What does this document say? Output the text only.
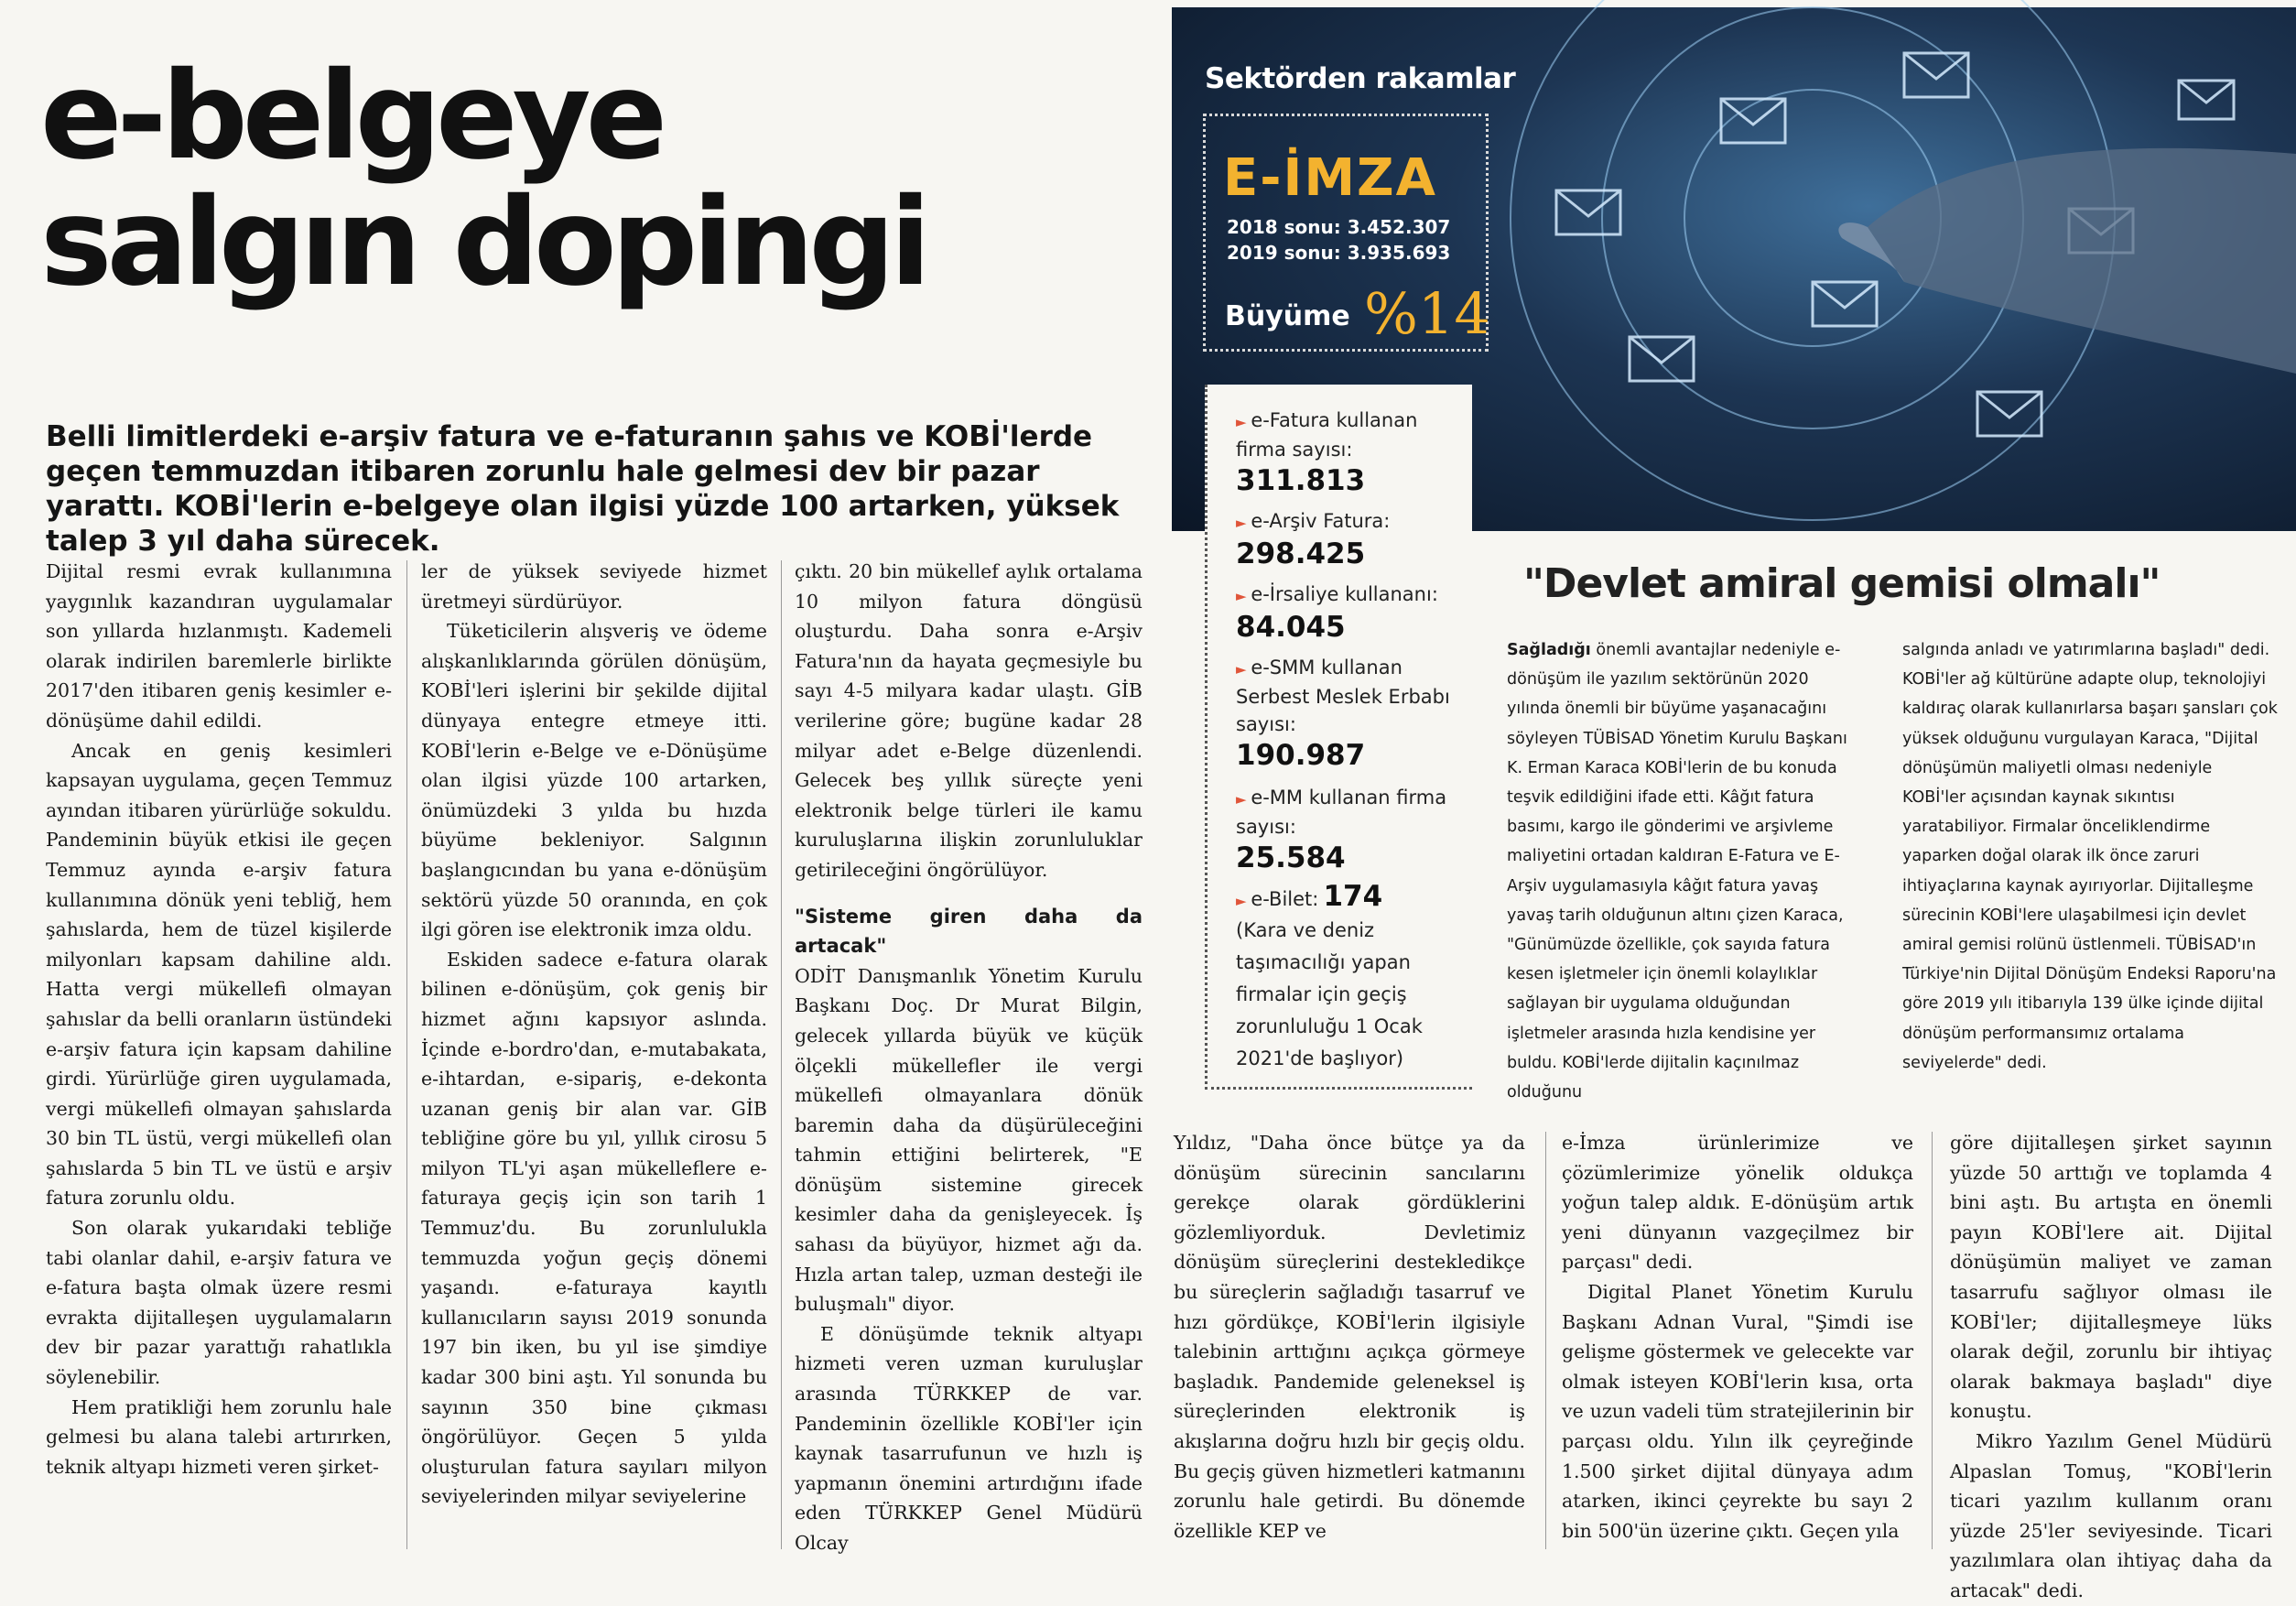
e-belgeye
salgın dopingi

Belli limitlerdeki e-arşiv fatura ve e-faturanın şahıs ve KOBİ'lerde geçen temmuzdan itibaren zorunlu hale gelmesi dev bir pazar yarattı. KOBİ'lerin e-belgeye olan ilgisi yüzde 100 artarken, yüksek talep 3 yıl daha sürecek.

Dijital resmi evrak kullanımına yaygınlık kazandıran uygulamalar son yıllarda hızlanmıştı. Kademeli olarak indirilen baremlerle birlikte 2017'den itibaren geniş kesimler e-dönüşüme dahil edildi.

Ancak en geniş kesimleri kapsayan uygulama, geçen Temmuz ayından itibaren yürürlüğe sokuldu. Pandeminin büyük etkisi ile geçen Temmuz ayında e-arşiv fatura kullanımına dönük yeni tebliğ, hem şahıslarda, hem de tüzel kişilerde milyonları kapsam dahiline aldı. Hatta vergi mükellefi olmayan şahıslar da belli oranların üstündeki e-arşiv fatura için kapsam dahiline girdi. Yürürlüğe giren uygulamada, vergi mükellefi olmayan şahıslarda 30 bin TL üstü, vergi mükellefi olan şahıslarda 5 bin TL ve üstü e arşiv fatura zorunlu oldu.

Son olarak yukarıdaki tebliğe tabi olanlar dahil, e-arşiv fatura ve e-fatura başta olmak üzere resmi evrakta dijitalleşen uygulamaların dev bir pazar yarattığı rahatlıkla söylenebilir.

Hem pratikliği hem zorunlu hale gelmesi bu alana talebi artırırken, teknik altyapı hizmeti veren şirket-

ler de yüksek seviyede hizmet üretmeyi sürdürüyor.

Tüketicilerin alışveriş ve ödeme alışkanlıklarında görülen dönüşüm, KOBİ'leri işlerini bir şekilde dijital dünyaya entegre etmeye itti. KOBİ'lerin e-Belge ve e-Dönüşüme olan ilgisi yüzde 100 artarken, önümüzdeki 3 yılda bu hızda büyüme bekleniyor. Salgının başlangıcından bu yana e-dönüşüm sektörü yüzde 50 oranında, en çok ilgi gören ise elektronik imza oldu.

Eskiden sadece e-fatura olarak bilinen e-dönüşüm, çok geniş bir hizmet ağını kapsıyor aslında. İçinde e-bordro'dan, e-mutabakata, e-ihtardan, e-sipariş, e-dekonta uzanan geniş bir alan var. GİB tebliğine göre bu yıl, yıllık cirosu 5 milyon TL'yi aşan mükelleflere e-faturaya geçiş için son tarih 1 Temmuz'du. Bu zorunlulukla temmuzda yoğun geçiş dönemi yaşandı. e-faturaya kayıtlı kullanıcıların sayısı 2019 sonunda 197 bin iken, bu yıl ise şimdiye kadar 300 bini aştı. Yıl sonunda bu sayının 350 bine çıkması öngörülüyor. Geçen 5 yılda oluşturulan fatura sayıları milyon seviyelerinden milyar seviyelerine

çıktı. 20 bin mükellef aylık ortalama 10 milyon fatura döngüsü oluşturdu. Daha sonra e-Arşiv Fatura'nın da hayata geçmesiyle bu sayı 4-5 milyara kadar ulaştı. GİB verilerine göre; bugüne kadar 28 milyar adet e-Belge düzenlendi. Gelecek beş yıllık süreçte yeni elektronik belge türleri ile kamu kuruluşlarına ilişkin zorunluluklar getirileceğini öngörülüyor.

"Sisteme giren daha da artacak"

ODİT Danışmanlık Yönetim Kurulu Başkanı Doç. Dr Murat Bilgin, gelecek yıllarda büyük ve küçük ölçekli mükellefler ile vergi mükellefi olmayanlara dönük baremin daha da düşürüleceğini tahmin ettiğini belirterek, "E dönüşüm sistemine girecek kesimler daha da genişleyecek. İş sahası da büyüyor, hizmet ağı da. Hızla artan talep, uzman desteği ile buluşmalı" diyor.

E dönüşümde teknik altyapı hizmeti veren uzman kuruluşlar arasında TÜRKKEP de var. Pandeminin özellikle KOBİ'ler için kaynak tasarrufunun ve hızlı iş yapmanın önemini artırdığını ifade eden TÜRKKEP Genel Müdürü Olcay

Yıldız, "Daha önce bütçe ya da dönüşüm sürecinin sancılarını gerekçe olarak gördüklerini gözlemliyorduk. Devletimiz dönüşüm süreçlerini destekledikçe bu süreçlerin sağladığı tasarruf ve hızı gördükçe, KOBİ'lerin ilgisiyle talebinin arttığını açıkça görmeye başladık. Pandemide geleneksel iş süreçlerinden elektronik iş akışlarına doğru hızlı bir geçiş oldu. Bu geçiş güven hizmetleri katmanını zorunlu hale getirdi. Bu dönemde özellikle KEP ve

e-İmza ürünlerimize ve çözümlerimize yönelik oldukça yoğun talep aldık. E-dönüşüm artık yeni dünyanın vazgeçilmez bir parçası" dedi.

Digital Planet Yönetim Kurulu Başkanı Adnan Vural, "Şimdi ise gelişme göstermek ve gelecekte var olmak isteyen KOBİ'lerin kısa, orta ve uzun vadeli tüm stratejilerinin bir parçası oldu. Yılın ilk çeyreğinde 1.500 şirket dijital dünyaya adım atarken, ikinci çeyrekte bu sayı 2 bin 500'ün üzerine çıktı. Geçen yıla

göre dijitalleşen şirket sayının yüzde 50 arttığı ve toplamda 4 bini aştı. Bu artışta en önemli payın KOBİ'lere ait. Dijital dönüşümün maliyet ve zaman tasarrufu sağlıyor olması ile KOBİ'ler; dijitalleşmeye lüks olarak değil, zorunlu bir ihtiyaç olarak bakmaya başladı" diye konuştu.

Mikro Yazılım Genel Müdürü Alpaslan Tomuş, "KOBİ'lerin ticari yazılım kullanım oranı yüzde 25'ler seviyesinde. Ticari yazılımlara olan ihtiyaç daha da artacak" dedi.

Sektörden rakamlar
E-İMZA
2018 sonu: 3.452.307
2019 sonu: 3.935.693
Büyüme %14
► e-Fatura kullanan firma sayısı:
311.813
► e-Arşiv Fatura:
298.425
► e-İrsaliye kullananı:
84.045
► e-SMM kullanan Serbest Meslek Erbabı sayısı:
190.987
► e-MM kullanan firma sayısı:
25.584
► e-Bilet: 174
(Kara ve deniz taşımacılığı yapan firmalar için geçiş zorunluluğu 1 Ocak 2021'de başlıyor)
"Devlet amiral gemisi olmalı"
Sağladığı önemli avantajlar nedeniyle e-dönüşüm ile yazılım sektörünün 2020 yılında önemli bir büyüme yaşanacağını söyleyen TÜBİSAD Yönetim Kurulu Başkanı K. Erman Karaca KOBİ'lerin de bu konuda teşvik edildiğini ifade etti. Kâğıt fatura basımı, kargo ile gönderimi ve arşivleme maliyetini ortadan kaldıran E-Fatura ve E-Arşiv uygulamasıyla kâğıt fatura yavaş yavaş tarih olduğunun altını çizen Karaca, "Günümüzde özellikle, çok sayıda fatura kesen işletmeler için önemli kolaylıklar sağlayan bir uygulama olduğundan işletmeler arasında hızla kendisine yer buldu. KOBİ'lerde dijitalin kaçınılmaz olduğunu
salgında anladı ve yatırımlarına başladı" dedi. KOBİ'ler ağ kültürüne adapte olup, teknolojiyi kaldıraç olarak kullanırlarsa başarı şansları çok yüksek olduğunu vurgulayan Karaca, "Dijital dönüşümün maliyetli olması nedeniyle KOBİ'ler açısından kaynak sıkıntısı yaratabiliyor. Firmalar önceliklendirme yaparken doğal olarak ilk önce zaruri ihtiyaçlarına kaynak ayırıyorlar. Dijitalleşme sürecinin KOBİ'lere ulaşabilmesi için devlet amiral gemisi rolünü üstlenmeli. TÜBİSAD'ın Türkiye'nin Dijital Dönüşüm Endeksi Raporu'na göre 2019 yılı itibarıyla 139 ülke içinde dijital dönüşüm performansımız ortalama seviyelerde" dedi.
